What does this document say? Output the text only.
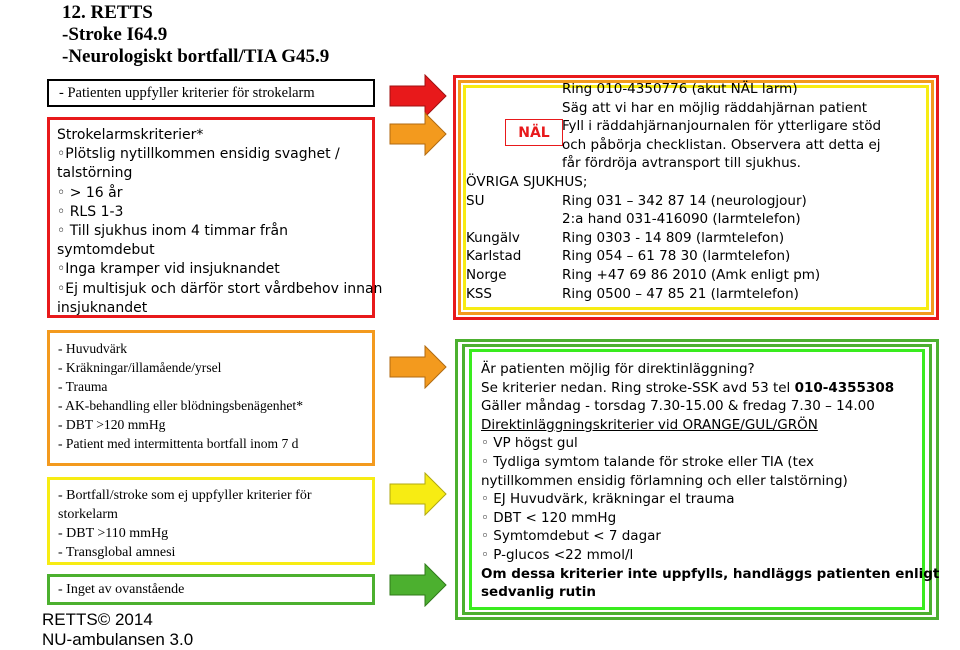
12. RETTS
-Stroke I64.9
-Neurologiskt bortfall/TIA G45.9
- Patienten uppfyller kriterier för strokelarm
Strokelarmskriterier*
◦Plötslig nytillkommen ensidig svaghet /
talstörning
◦ > 16 år
◦ RLS 1-3
◦ Till sjukhus inom 4 timmar från
symtomdebut
◦Inga kramper vid insjuknandet
◦Ej multisjuk och därför stort vårdbehov innan
insjuknandet
- Huvudvärk
- Kräkningar/illamående/yrsel
- Trauma
- AK-behandling eller blödningsbenägenhet*
- DBT >120 mmHg
- Patient med intermittenta bortfall inom 7 d
- Bortfall/stroke som ej uppfyller kriterier för
storkelarm
- DBT >110 mmHg
- Transglobal amnesi
- Inget av ovanstående
RETTS© 2014
NU-ambulansen 3.0
NÄL
Ring 010-4350776 (akut NÄL larm)
Säg att vi har en möjlig räddahjärnan patient
Fyll i räddahjärnanjournalen för ytterligare stöd
och påbörja checklistan. Observera att detta ej
får fördröja avtransport till sjukhus.
ÖVRIGA SJUKHUS;
SU	Ring 031 – 342 87 14 (neurologjour)
2:a hand 031-416090 (larmtelefon)
Kungälv	Ring 0303 - 14 809 (larmtelefon)
Karlstad	Ring 054 – 61 78 30 (larmtelefon)
Norge	Ring +47 69 86 2010 (Amk enligt pm)
KSS	Ring 0500 – 47 85 21 (larmtelefon)
Är patienten möjlig för direktinläggning?
Se kriterier nedan. Ring stroke-SSK avd 53 tel 010-4355308
Gäller måndag - torsdag 7.30-15.00 & fredag 7.30 – 14.00
Direktinläggningskriterier vid ORANGE/GUL/GRÖN
◦ VP högst gul
◦ Tydliga symtom talande för stroke eller TIA (tex
nytillkommen ensidig förlamning och eller talstörning)
◦ EJ Huvudvärk, kräkningar el trauma
◦ DBT < 120 mmHg
◦ Symtomdebut < 7 dagar
◦ P-glucos <22 mmol/l
Om dessa kriterier inte uppfylls, handläggs patienten enligt
sedvanlig rutin
